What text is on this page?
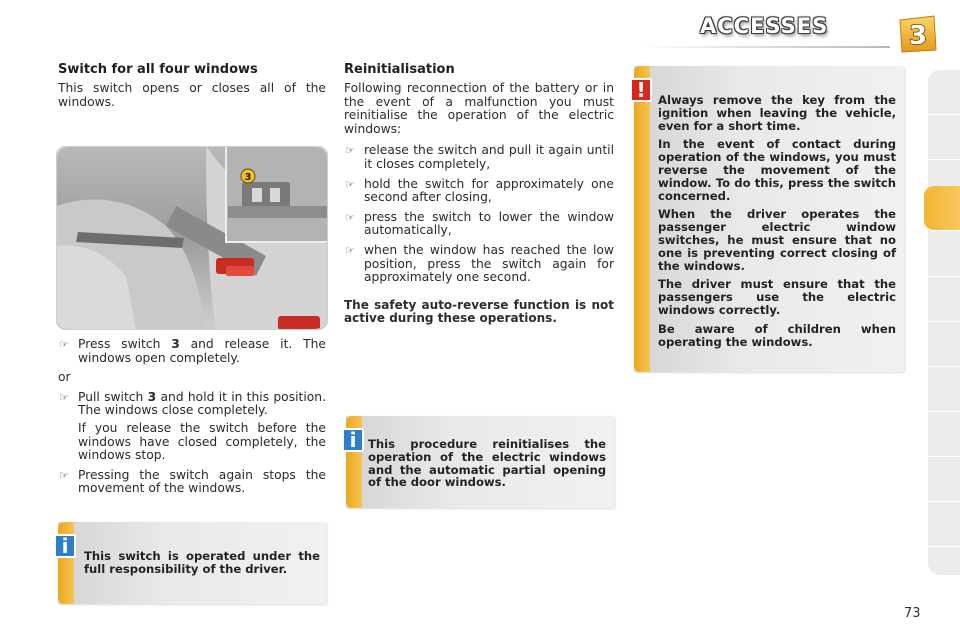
ACCESSES	3
Switch for all four windows

This switch opens or closes all of the windows.

3
☞ Press switch 3 and release it. The windows open completely.

or

☞ Pull switch 3 and hold it in this position. The windows close completely.
If you release the switch before the windows have closed completely, the windows stop.
☞ Pressing the switch again stops the movement of the windows.
i	This switch is operated under the full responsibility of the driver.
Reinitialisation

Following reconnection of the battery or in the event of a malfunction you must reinitialise the operation of the electric windows:

☞ release the switch and pull it again until it closes completely,
☞ hold the switch for approximately one second after closing,
☞ press the switch to lower the window automatically,
☞ when the window has reached the low position, press the switch again for approximately one second.

The safety auto-reverse function is not active during these operations.

i This procedure reinitialises the operation of the electric windows and the automatic partial opening of the door windows.
!	Always remove the key from the ignition when leaving the vehicle, even for a short time.

In the event of contact during operation of the windows, you must reverse the movement of the window. To do this, press the switch concerned.

When the driver operates the passenger electric window switches, he must ensure that no one is preventing correct closing of the windows.

The driver must ensure that the passengers use the electric windows correctly.

Be aware of children when operating the windows.

73
